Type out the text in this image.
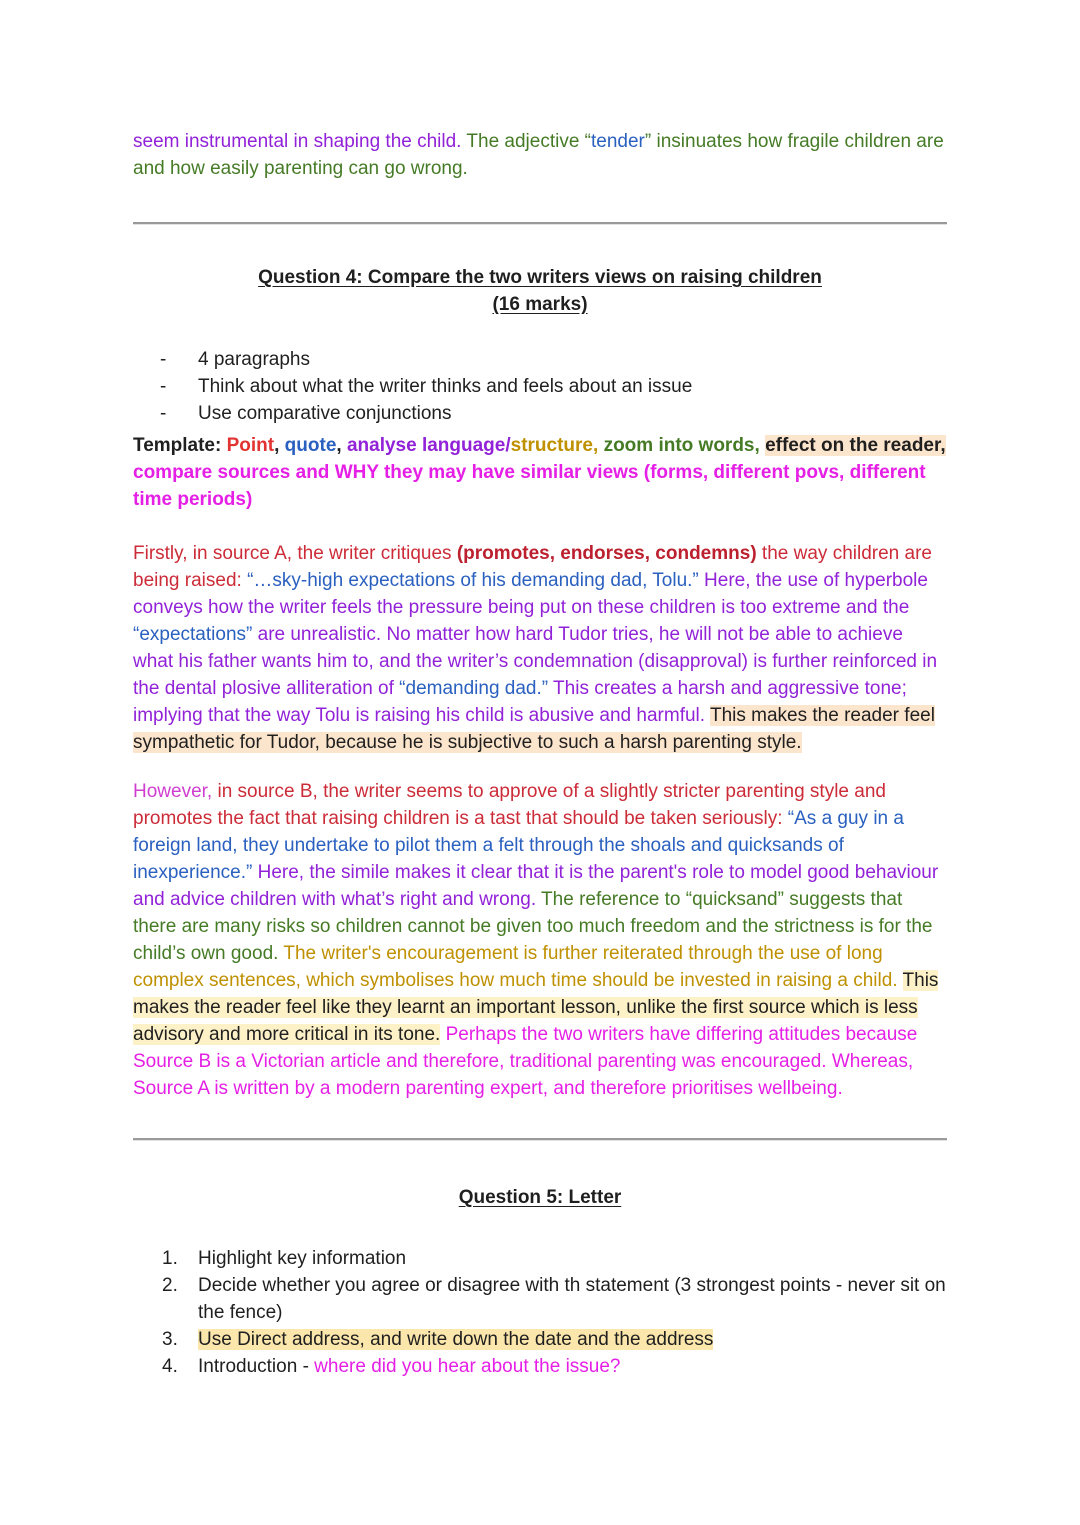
seem instrumental in shaping the child. The adjective “tender” insinuates how fragile children are and how easily parenting can go wrong.
Question 4: Compare the two writers views on raising children
(16 marks)
-	4 paragraphs
-	Think about what the writer thinks and feels about an issue
-	Use comparative conjunctions
Template: Point, quote, analyse language/structure, zoom into words, effect on the reader, compare sources and WHY they may have similar views (forms, different povs, different time periods)
Firstly, in source A, the writer critiques (promotes, endorses, condemns) the way children are being raised: “…sky-high expectations of his demanding dad, Tolu.” Here, the use of hyperbole conveys how the writer feels the pressure being put on these children is too extreme and the “expectations” are unrealistic. No matter how hard Tudor tries, he will not be able to achieve what his father wants him to, and the writer’s condemnation (disapproval) is further reinforced in the dental plosive alliteration of “demanding dad.” This creates a harsh and aggressive tone; implying that the way Tolu is raising his child is abusive and harmful. This makes the reader feel sympathetic for Tudor, because he is subjective to such a harsh parenting style.
However, in source B, the writer seems to approve of a slightly stricter parenting style and promotes the fact that raising children is a tast that should be taken seriously: “As a guy in a foreign land, they undertake to pilot them a felt through the shoals and quicksands of inexperience.” Here, the simile makes it clear that it is the parent's role to model good behaviour and advice children with what’s right and wrong. The reference to “quicksand” suggests that there are many risks so children cannot be given too much freedom and the strictness is for the child’s own good. The writer's encouragement is further reiterated through the use of long complex sentences, which symbolises how much time should be invested in raising a child. This makes the reader feel like they learnt an important lesson, unlike the first source which is less advisory and more critical in its tone. Perhaps the two writers have differing attitudes because Source B is a Victorian article and therefore, traditional parenting was encouraged. Whereas, Source A is written by a modern parenting expert, and therefore prioritises wellbeing.
Question 5: Letter
1.	Highlight key information
2.	Decide whether you agree or disagree with th statement (3 strongest points - never sit on the fence)
3.	Use Direct address, and write down the date and the address
4.	Introduction - where did you hear about the issue?
